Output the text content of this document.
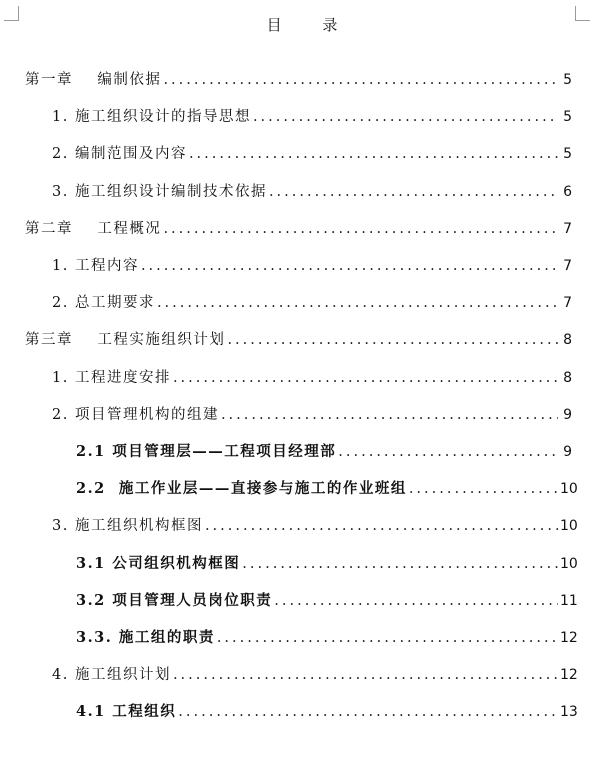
目 录
第一章    编制依据 .....	5
1. 施工组织设计的指导思想 .....	5
2. 编制范围及内容 .....	5
3. 施工组织设计编制技术依据 .....	6
第二章    工程概况 .....	7
1. 工程内容 .....	7
2. 总工期要求 .....	7
第三章    工程实施组织计划 .....	8
1. 工程进度安排 .....	8
2. 项目管理机构的组建 .....	9
2.1 项目管理层——工程项目经理部 .....	9
2.2  施工作业层——直接参与施工的作业班组 .....	10
3. 施工组织机构框图 .....	10
3.1 公司组织机构框图 .....	10
3.2 项目管理人员岗位职责 .....	11
3.3. 施工组的职责 .....	12
4. 施工组织计划 .....	12
4.1 工程组织 .....	13
